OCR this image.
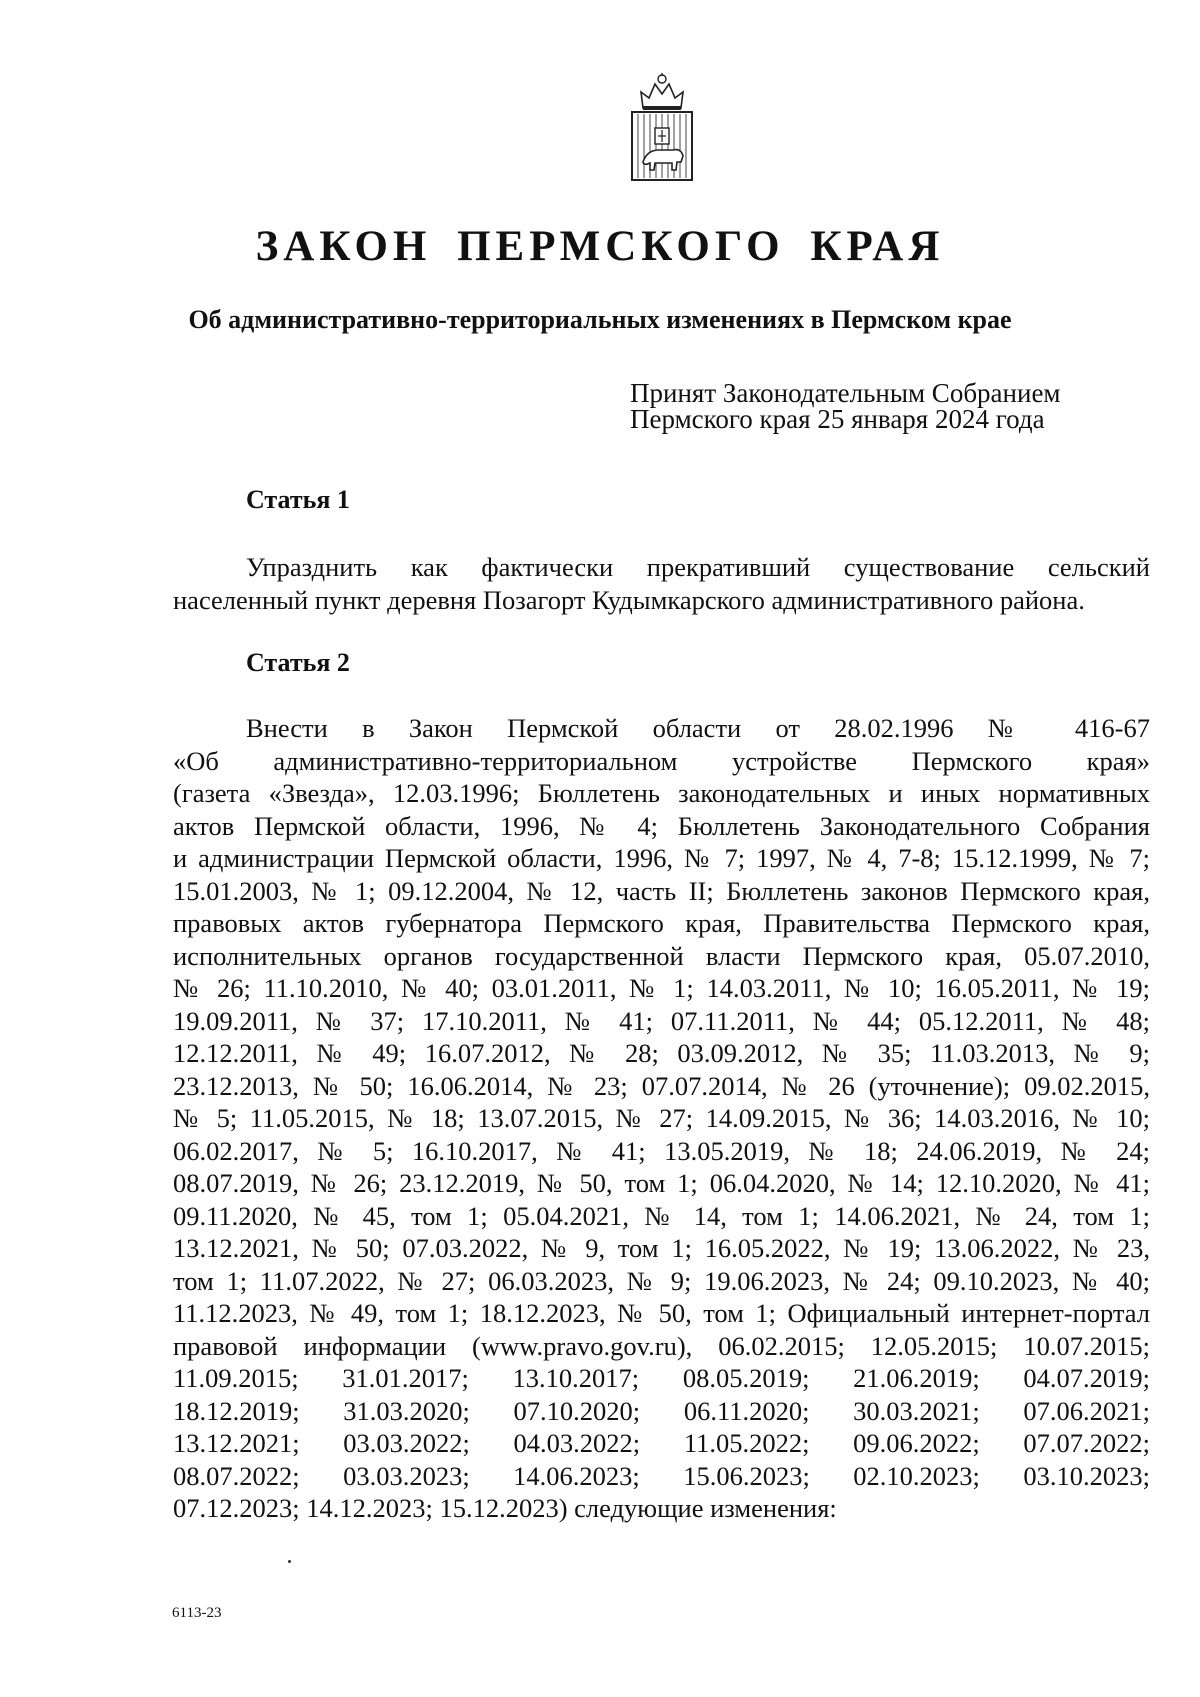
ЗАКОН ПЕРМСКОГО КРАЯ
Об административно-территориальных изменениях в Пермском крае
Принят Законодательным Собранием
Пермского края 25 января 2024 года
Статья 1
Упразднить как фактически прекративший существование сельский
населенный пункт деревня Позагорт Кудымкарского административного района.
Статья 2
Внести в Закон Пермской области от 28.02.1996 № 416-67
«Об административно-территориальном устройстве Пермского края»
(газета «Звезда», 12.03.1996; Бюллетень законодательных и иных нормативных
актов Пермской области, 1996, № 4; Бюллетень Законодательного Собрания
и администрации Пермской области, 1996, № 7; 1997, № 4, 7-8; 15.12.1999, № 7;
15.01.2003, № 1; 09.12.2004, № 12, часть II; Бюллетень законов Пермского края,
правовых актов губернатора Пермского края, Правительства Пермского края,
исполнительных органов государственной власти Пермского края, 05.07.2010,
№ 26; 11.10.2010, № 40; 03.01.2011, № 1; 14.03.2011, № 10; 16.05.2011, № 19;
19.09.2011, № 37; 17.10.2011, № 41; 07.11.2011, № 44; 05.12.2011, № 48;
12.12.2011, № 49; 16.07.2012, № 28; 03.09.2012, № 35; 11.03.2013, № 9;
23.12.2013, № 50; 16.06.2014, № 23; 07.07.2014, № 26 (уточнение); 09.02.2015,
№ 5; 11.05.2015, № 18; 13.07.2015, № 27; 14.09.2015, № 36; 14.03.2016, № 10;
06.02.2017, № 5; 16.10.2017, № 41; 13.05.2019, № 18; 24.06.2019, № 24;
08.07.2019, № 26; 23.12.2019, № 50, том 1; 06.04.2020, № 14; 12.10.2020, № 41;
09.11.2020, № 45, том 1; 05.04.2021, № 14, том 1; 14.06.2021, № 24, том 1;
13.12.2021, № 50; 07.03.2022, № 9, том 1; 16.05.2022, № 19; 13.06.2022, № 23,
том 1; 11.07.2022, № 27; 06.03.2023, № 9; 19.06.2023, № 24; 09.10.2023, № 40;
11.12.2023, № 49, том 1; 18.12.2023, № 50, том 1; Официальный интернет-портал
правовой информации (www.pravo.gov.ru), 06.02.2015; 12.05.2015; 10.07.2015;
11.09.2015; 31.01.2017; 13.10.2017; 08.05.2019; 21.06.2019; 04.07.2019;
18.12.2019; 31.03.2020; 07.10.2020; 06.11.2020; 30.03.2021; 07.06.2021;
13.12.2021; 03.03.2022; 04.03.2022; 11.05.2022; 09.06.2022; 07.07.2022;
08.07.2022; 03.03.2023; 14.06.2023; 15.06.2023; 02.10.2023; 03.10.2023;
07.12.2023; 14.12.2023; 15.12.2023) следующие изменения:
6113-23
